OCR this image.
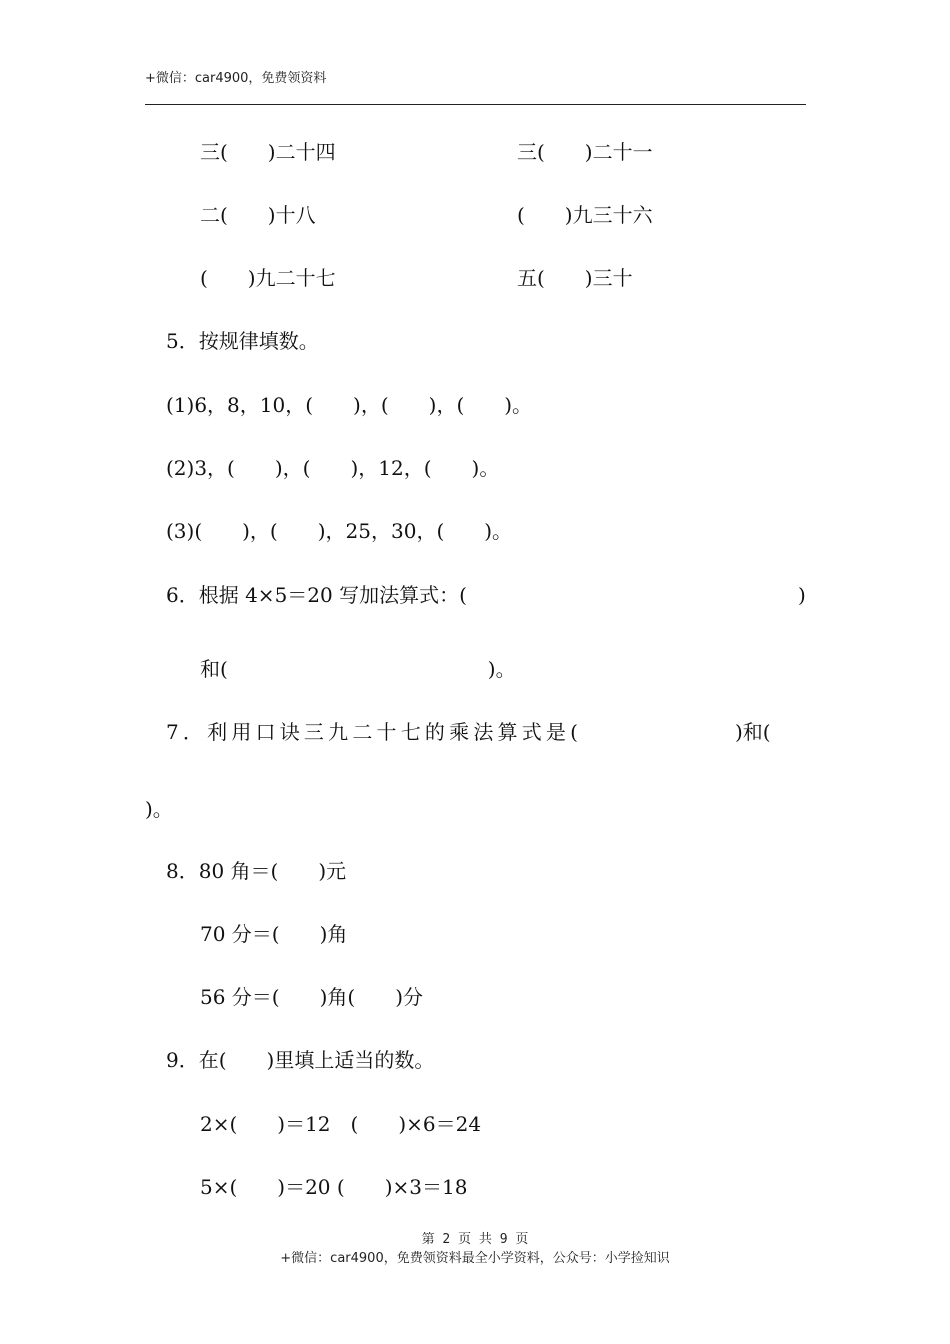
+微信：car4900，免费领资料
三(　　)二十四	三(　　)二十一
二(　　)十八	(　　)九三十六
(　　)九二十七	五(　　)三十
5．按规律填数。
(1)6，8，10，(　　)，(　　)，(　　)。
(2)3，(　　)，(　　)，12，(　　)。
(3)(　　)，(　　)，25，30，(　　)。
6．根据 4×5＝20 写加法算式：(	)
和(　　　　　　　　　　　　　)。
7．利用口诀三九二十七的乘法算式是(	)和(
)。
8．80 角＝(　　)元
70 分＝(　　)角
56 分＝(　　)角(　　)分
9．在(　　)里填上适当的数。
2×(　　)＝12　(　　)×6＝24
5×(　　)＝20 (　　)×3＝18
第 2 页 共 9 页
+微信：car4900，免费领资料最全小学资料，公众号：小学捡知识
